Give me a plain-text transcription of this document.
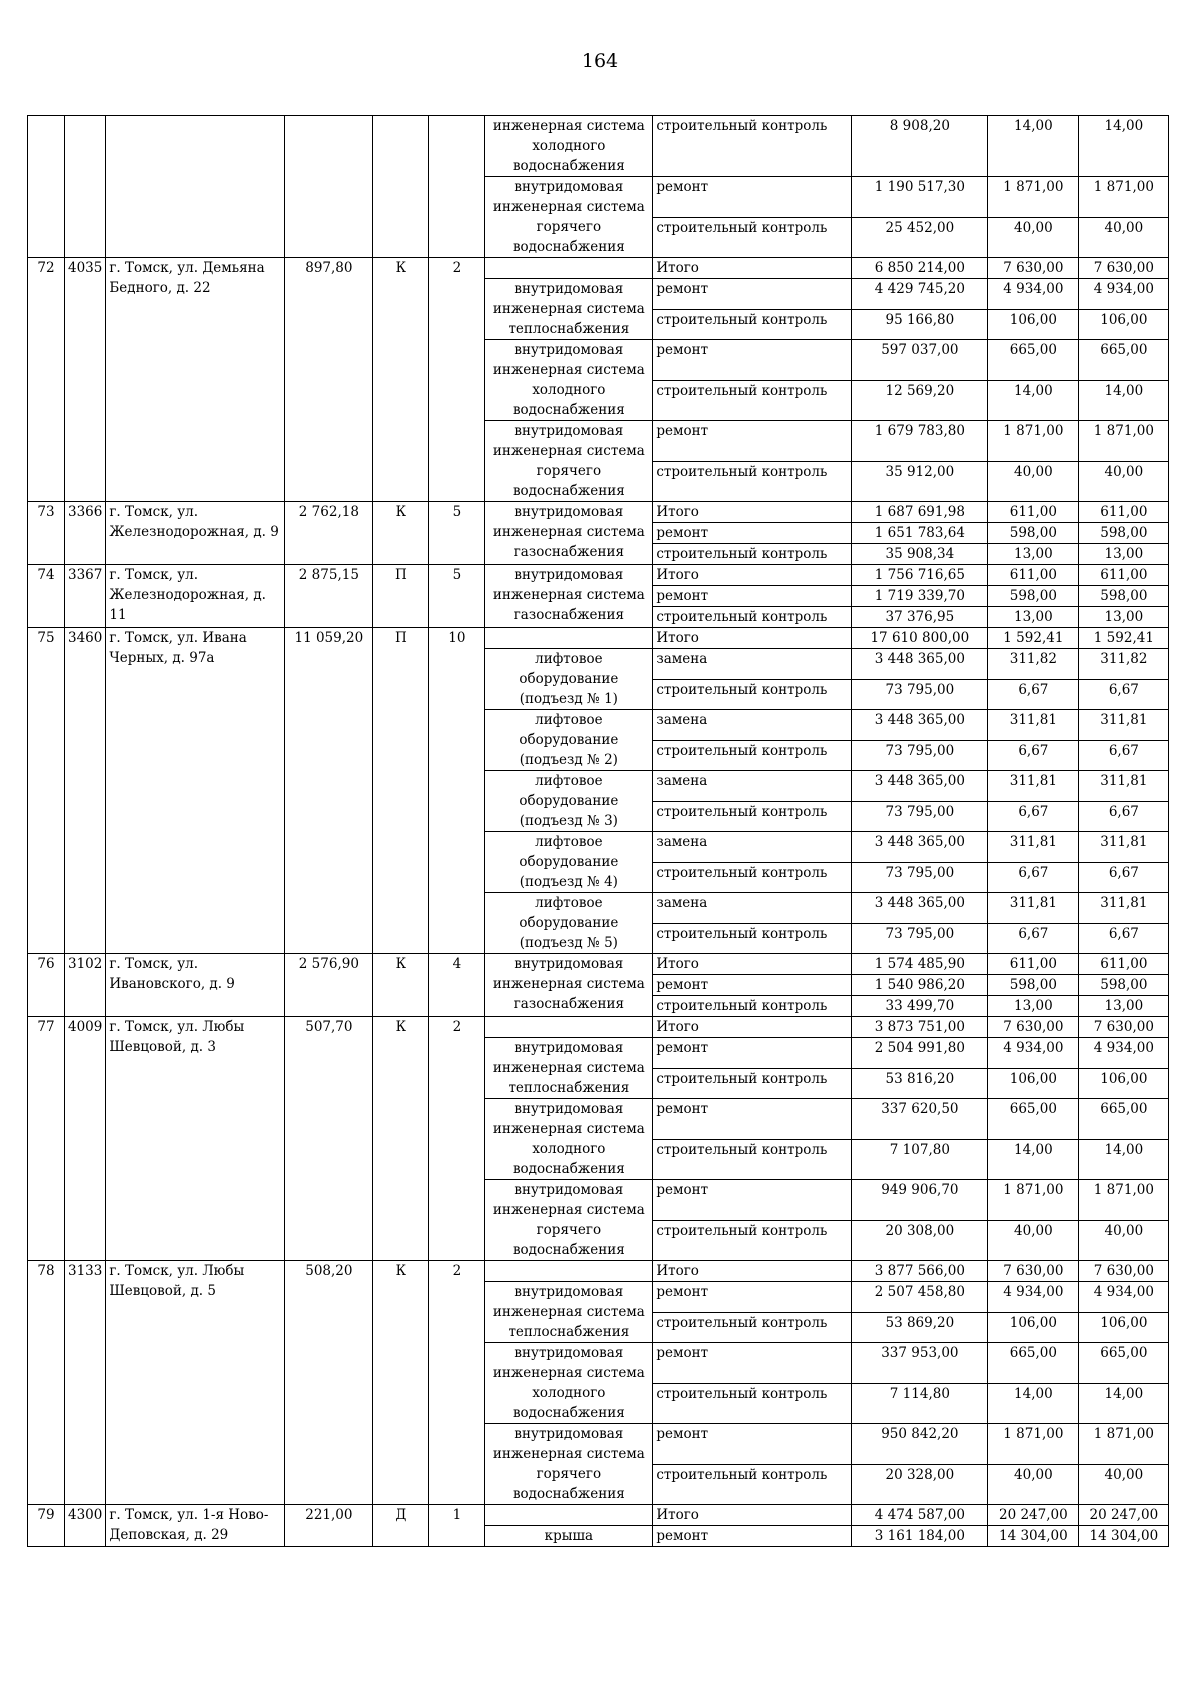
164
						инженерная система холодного водоснабжения	строительный контроль	8 908,20	14,00	14,00
						внутридомовая инженерная система горячего водоснабжения	ремонт	1 190 517,30	1 871,00	1 871,00
							строительный контроль	25 452,00	40,00	40,00
72	4035	г. Томск, ул. Демьяна Бедного, д. 22	897,80	К	2		Итого	6 850 214,00	7 630,00	7 630,00
						внутридомовая инженерная система теплоснабжения	ремонт	4 429 745,20	4 934,00	4 934,00
							строительный контроль	95 166,80	106,00	106,00
						внутридомовая инженерная система холодного водоснабжения	ремонт	597 037,00	665,00	665,00
							строительный контроль	12 569,20	14,00	14,00
						внутридомовая инженерная система горячего водоснабжения	ремонт	1 679 783,80	1 871,00	1 871,00
							строительный контроль	35 912,00	40,00	40,00
73	3366	г. Томск, ул. Железнодорожная, д. 9	2 762,18	К	5	внутридомовая инженерная система газоснабжения	Итого	1 687 691,98	611,00	611,00
							ремонт	1 651 783,64	598,00	598,00
							строительный контроль	35 908,34	13,00	13,00
74	3367	г. Томск, ул. Железнодорожная, д. 11	2 875,15	П	5	внутридомовая инженерная система газоснабжения	Итого	1 756 716,65	611,00	611,00
							ремонт	1 719 339,70	598,00	598,00
							строительный контроль	37 376,95	13,00	13,00
75	3460	г. Томск, ул. Ивана Черных, д. 97а	11 059,20	П	10		Итого	17 610 800,00	1 592,41	1 592,41
						лифтовое оборудование (подъезд № 1)	замена	3 448 365,00	311,82	311,82
							строительный контроль	73 795,00	6,67	6,67
						лифтовое оборудование (подъезд № 2)	замена	3 448 365,00	311,81	311,81
							строительный контроль	73 795,00	6,67	6,67
						лифтовое оборудование (подъезд № 3)	замена	3 448 365,00	311,81	311,81
							строительный контроль	73 795,00	6,67	6,67
						лифтовое оборудование (подъезд № 4)	замена	3 448 365,00	311,81	311,81
							строительный контроль	73 795,00	6,67	6,67
						лифтовое оборудование (подъезд № 5)	замена	3 448 365,00	311,81	311,81
							строительный контроль	73 795,00	6,67	6,67
76	3102	г. Томск, ул. Ивановского, д. 9	2 576,90	К	4	внутридомовая инженерная система газоснабжения	Итого	1 574 485,90	611,00	611,00
							ремонт	1 540 986,20	598,00	598,00
							строительный контроль	33 499,70	13,00	13,00
77	4009	г. Томск, ул. Любы Шевцовой, д. 3	507,70	К	2		Итого	3 873 751,00	7 630,00	7 630,00
						внутридомовая инженерная система теплоснабжения	ремонт	2 504 991,80	4 934,00	4 934,00
							строительный контроль	53 816,20	106,00	106,00
						внутридомовая инженерная система холодного водоснабжения	ремонт	337 620,50	665,00	665,00
							строительный контроль	7 107,80	14,00	14,00
						внутридомовая инженерная система горячего водоснабжения	ремонт	949 906,70	1 871,00	1 871,00
							строительный контроль	20 308,00	40,00	40,00
78	3133	г. Томск, ул. Любы Шевцовой, д. 5	508,20	К	2		Итого	3 877 566,00	7 630,00	7 630,00
						внутридомовая инженерная система теплоснабжения	ремонт	2 507 458,80	4 934,00	4 934,00
							строительный контроль	53 869,20	106,00	106,00
						внутридомовая инженерная система холодного водоснабжения	ремонт	337 953,00	665,00	665,00
							строительный контроль	7 114,80	14,00	14,00
						внутридомовая инженерная система горячего водоснабжения	ремонт	950 842,20	1 871,00	1 871,00
							строительный контроль	20 328,00	40,00	40,00
79	4300	г. Томск, ул. 1-я Ново-Деповская, д. 29	221,00	Д	1		Итого	4 474 587,00	20 247,00	20 247,00
						крыша	ремонт	3 161 184,00	14 304,00	14 304,00
